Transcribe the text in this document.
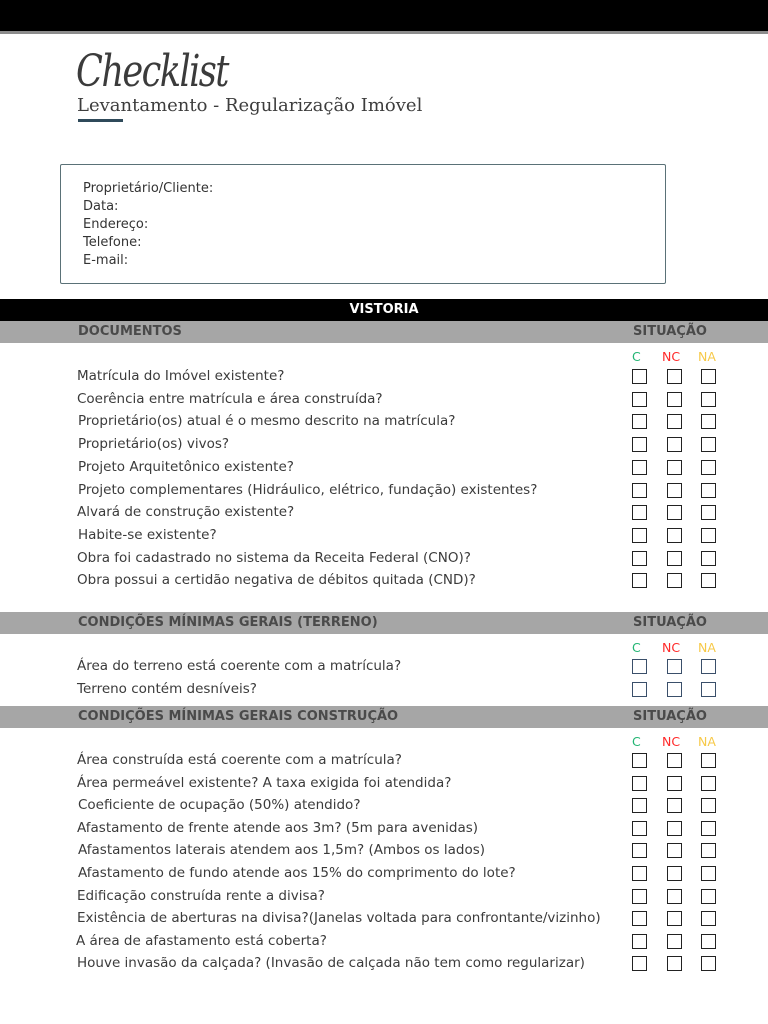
Checklist
Levantamento - Regularização Imóvel
Proprietário/Cliente:
Data:
Endereço:
Telefone:
E-mail:
VISTORIA
DOCUMENTOS	SITUAÇÃO
C NC NA
Matrícula do Imóvel existente?
Coerência entre matrícula e área construída?
Proprietário(os) atual é o mesmo descrito na matrícula?
Proprietário(os) vivos?
Projeto Arquitetônico existente?
Projeto complementares (Hidráulico, elétrico, fundação) existentes?
Alvará de construção existente?
Habite-se existente?
Obra foi cadastrado no sistema da Receita Federal (CNO)?
Obra possui a certidão negativa de débitos quitada (CND)?
CONDIÇÕES MÍNIMAS GERAIS (TERRENO)	SITUAÇÃO
C NC NA
Área do terreno está coerente com a matrícula?
Terreno contém desníveis?
CONDIÇÕES MÍNIMAS GERAIS CONSTRUÇÃO	SITUAÇÃO
C NC NA
Área construída está coerente com a matrícula?
Área permeável existente? A taxa exigida foi atendida?
Coeficiente de ocupação (50%) atendido?
Afastamento de frente atende aos 3m? (5m para avenidas)
Afastamentos laterais atendem aos 1,5m? (Ambos os lados)
Afastamento de fundo atende aos 15% do comprimento do lote?
Edificação construída rente a divisa?
Existência de aberturas na divisa?(Janelas voltada para confrontante/vizinho)
A área de afastamento está coberta?
Houve invasão da calçada? (Invasão de calçada não tem como regularizar)
